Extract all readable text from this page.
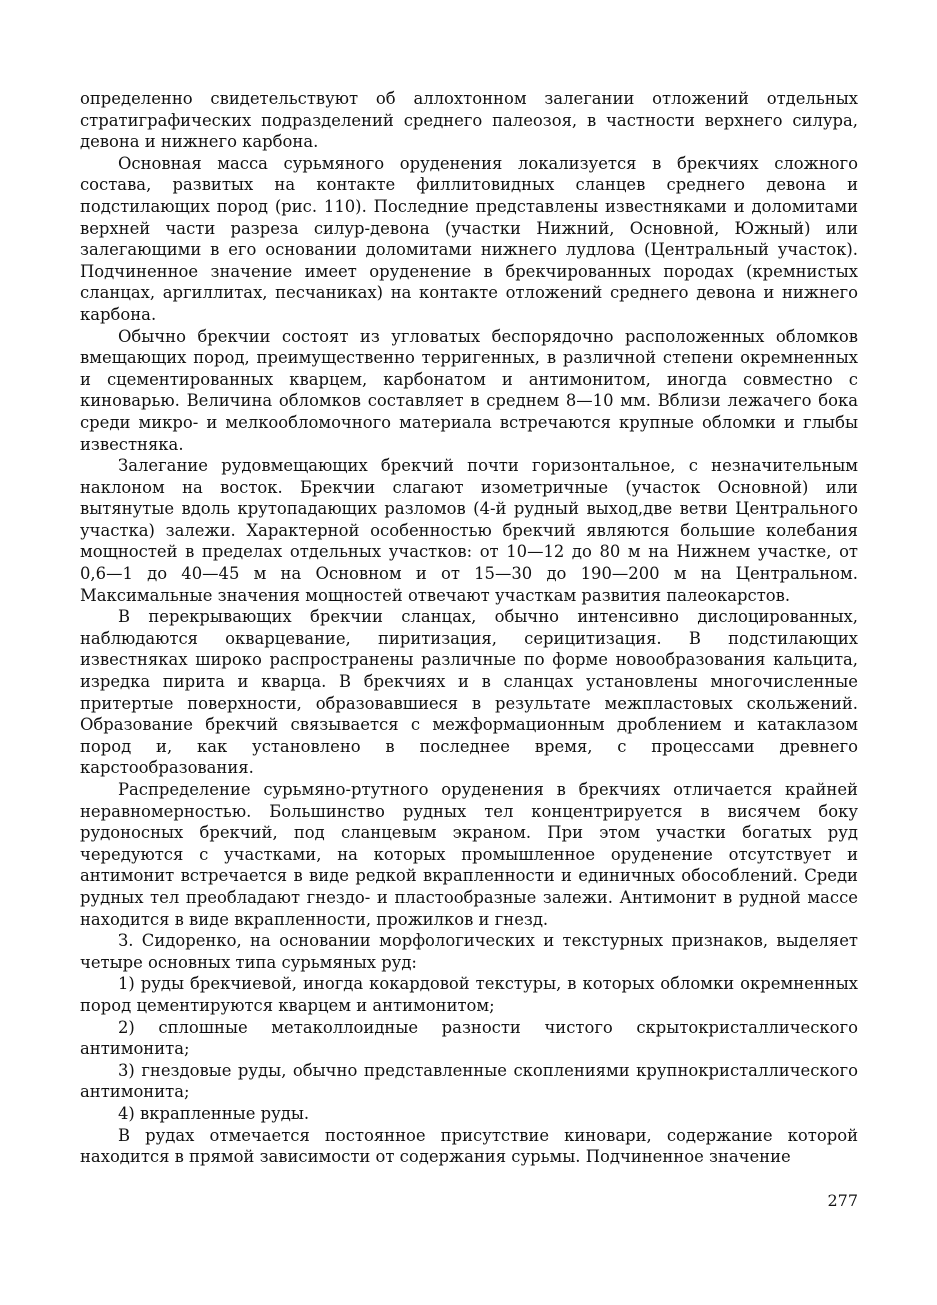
определенно свидетельствуют об аллохтонном залегании отложений отдельных стратиграфических подразделений среднего палеозоя, в частности верхнего силура, девона и нижнего карбона.

Основная масса сурьмяного оруденения локализуется в брекчиях сложного состава, развитых на контакте филлитовидных сланцев среднего девона и подстилающих пород (рис. 110). Последние представлены известняками и доломитами верхней части разреза силур-девона (участки Нижний, Основной, Южный) или залегающими в его основании доломитами нижнего лудлова (Центральный участок). Подчиненное значение имеет оруденение в брекчированных породах (кремнистых сланцах, аргиллитах, песчаниках) на контакте отложений среднего девона и нижнего карбона.

Обычно брекчии состоят из угловатых беспорядочно расположенных обломков вмещающих пород, преимущественно терригенных, в различной степени окремненных и сцементированных кварцем, карбонатом и антимонитом, иногда совместно с киноварью. Величина обломков составляет в среднем 8—10 мм. Вблизи лежачего бока среди микро- и мелкообломочного материала встречаются крупные обломки и глыбы известняка.

Залегание рудовмещающих брекчий почти горизонтальное, с незначительным наклоном на восток. Брекчии слагают изометричные (участок Основной) или вытянутые вдоль крутопадающих разломов (4-й рудный выход,две ветви Центрального участка) залежи. Характерной особенностью брекчий являются большие колебания мощностей в пределах отдельных участков: от 10—12 до 80 м на Нижнем участке, от 0,6—1 до 40—45 м на Основном и от 15—30 до 190—200 м на Центральном. Максимальные значения мощностей отвечают участкам развития палеокарстов.

В перекрывающих брекчии сланцах, обычно интенсивно дислоцированных, наблюдаются окварцевание, пиритизация, серицитизация. В подстилающих известняках широко распространены различные по форме новообразования кальцита, изредка пирита и кварца. В брекчиях и в сланцах установлены многочисленные притертые поверхности, образовавшиеся в результате межпластовых скольжений. Образование брекчий связывается с межформационным дроблением и катаклазом пород и, как установлено в последнее время, с процессами древнего карстообразования.

Распределение сурьмяно-ртутного оруденения в брекчиях отличается крайней неравномерностью. Большинство рудных тел концентрируется в висячем боку рудоносных брекчий, под сланцевым экраном. При этом участки богатых руд чередуются с участками, на которых промышленное оруденение отсутствует и антимонит встречается в виде редкой вкрапленности и единичных обособлений. Среди рудных тел преобладают гнездо- и пластообразные залежи. Антимонит в рудной массе находится в виде вкрапленности, прожилков и гнезд.

З. Сидоренко, на основании морфологических и текстурных признаков, выделяет четыре основных типа сурьмяных руд:

1) руды брекчиевой, иногда кокардовой текстуры, в которых обломки окремненных пород цементируются кварцем и антимонитом;

2) сплошные метаколлоидные разности чистого скрытокристаллического антимонита;

3) гнездовые руды, обычно представленные скоплениями крупнокристаллического антимонита;

4) вкрапленные руды.

В рудах отмечается постоянное присутствие киновари, содержание которой находится в прямой зависимости от содержания сурьмы. Подчиненное значение

277
